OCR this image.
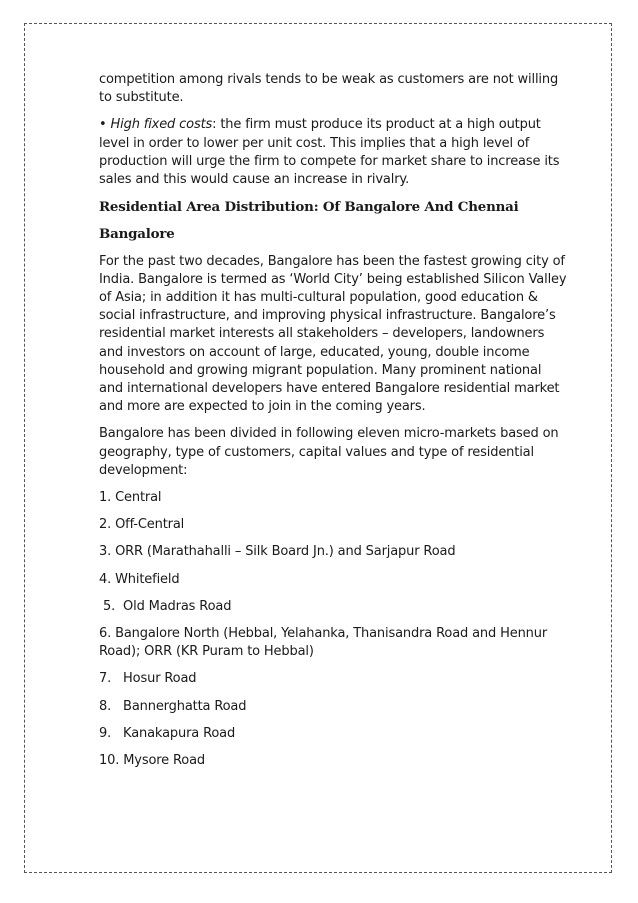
competition among rivals tends to be weak as customers are not willing to substitute.

• High fixed costs: the firm must produce its product at a high output level in order to lower per unit cost. This implies that a high level of production will urge the firm to compete for market share to increase its sales and this would cause an increase in rivalry.

Residential Area Distribution: Of Bangalore And Chennai
Bangalore

For the past two decades, Bangalore has been the fastest growing city of India. Bangalore is termed as ‘World City’ being established Silicon Valley of Asia; in addition it has multi-cultural population, good education & social infrastructure, and improving physical infrastructure. Bangalore’s residential market interests all stakeholders – developers, landowners and investors on account of large, educated, young, double income household and growing migrant population. Many prominent national and international developers have entered Bangalore residential market and more are expected to join in the coming years.

Bangalore has been divided in following eleven micro-markets based on geography, type of customers, capital values and type of residential development:

1. Central

2. Off-Central

3. ORR (Marathahalli – Silk Board Jn.) and Sarjapur Road

4. Whitefield

5.  Old Madras Road

6. Bangalore North (Hebbal, Yelahanka, Thanisandra Road and Hennur Road); ORR (KR Puram to Hebbal)

7.   Hosur Road

8.   Bannerghatta Road

9.   Kanakapura Road

10. Mysore Road
